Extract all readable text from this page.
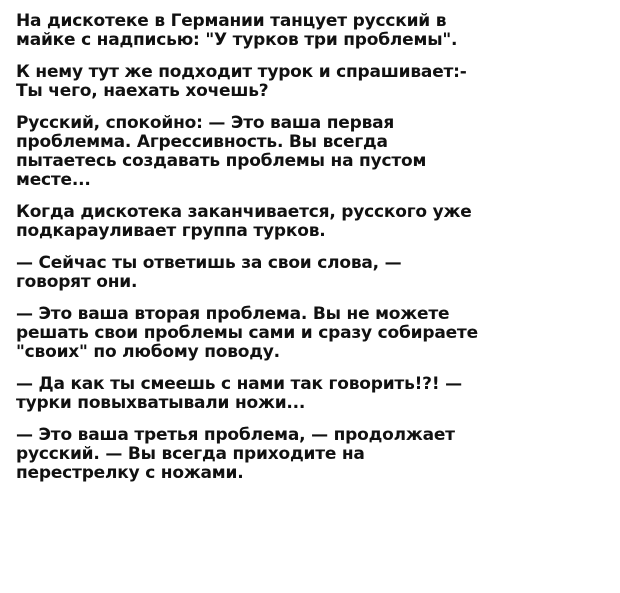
На дискотеке в Германии танцует русский в
майке с надписью: "У турков три проблемы".

К нему тут же подходит турок и спрашивает:-
Ты чего, наехать хочешь?

Русский, спокойно: — Это ваша первая
проблемма. Агрессивность. Вы всегда
пытаетесь создавать проблемы на пустом
месте...

Когда дискотека заканчивается, русского уже
подкарауливает группа турков.

— Сейчас ты ответишь за свои слова, —
говорят они.

— Это ваша вторая проблема. Вы не можете
решать свои проблемы сами и сразу собираете
"своих" по любому поводу.

— Да как ты смеешь с нами так говорить!?! —
турки повыхватывали ножи...

— Это ваша третья проблема, — продолжает
русский. — Вы всегда приходите на
перестрелку с ножами.
